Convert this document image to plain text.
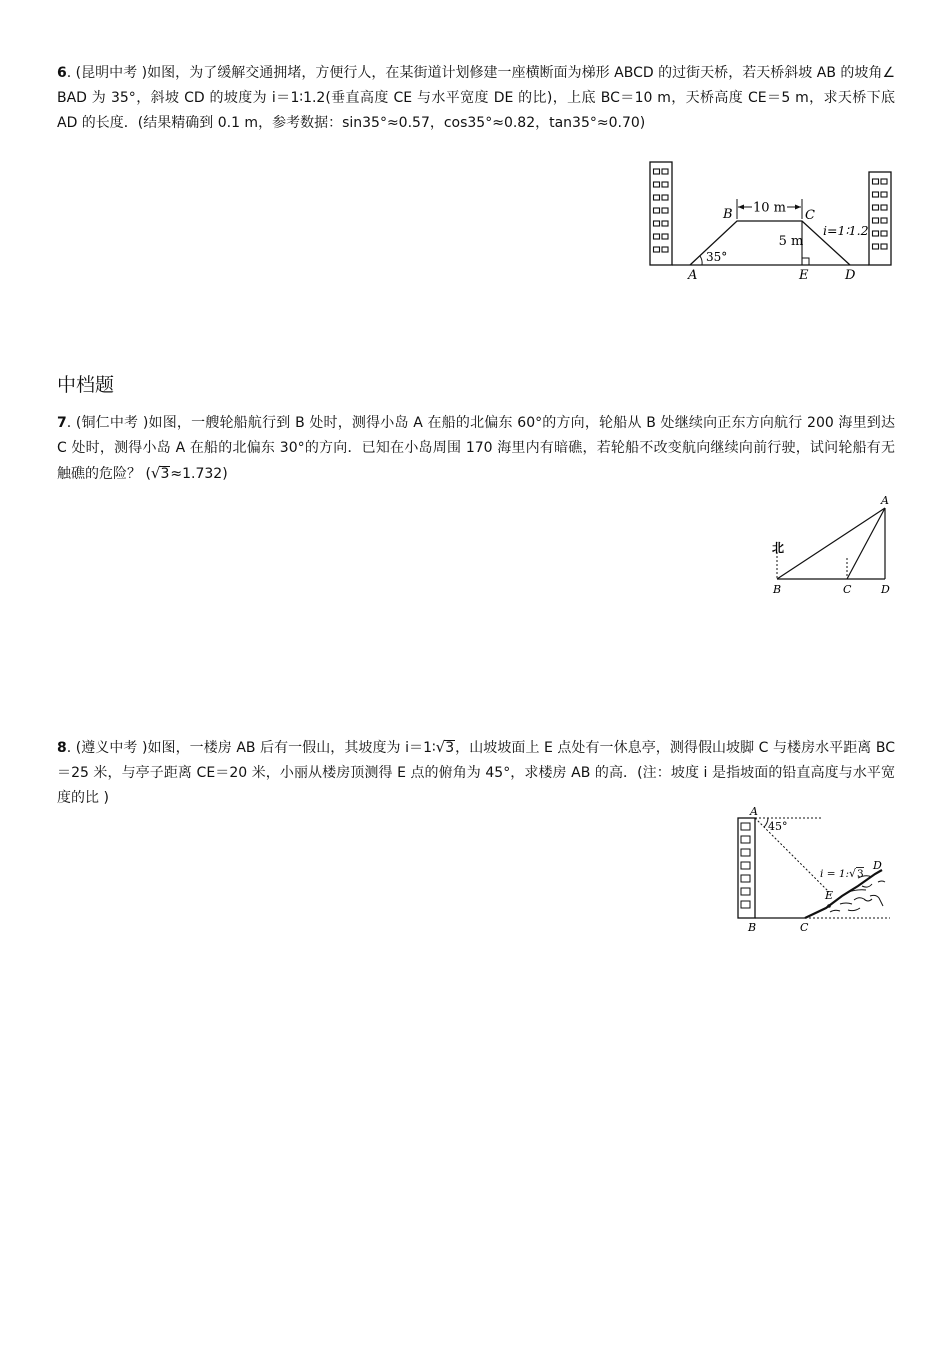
6. (昆明中考 )如图，为了缓解交通拥堵，方便行人，在某街道计划修建一座横断面为梯形 ABCD 的过街天桥，若天桥斜坡 AB 的坡角∠ BAD 为 35°，斜坡 CD 的坡度为 i＝1∶1.2(垂直高度 CE 与水平宽度 DE 的比)，上底 BC＝10 m，天桥高度 CE＝5 m，求天桥下底 AD 的长度．(结果精确到 0.1 m，参考数据：sin35°≈0.57，cos35°≈0.82，tan35°≈0.70)

10 m
5 m
i=1∶1.2
35°
B	C
A	E	D
中档题

7. (铜仁中考 )如图，一艘轮船航行到 B 处时，测得小岛 A 在船的北偏东 60°的方向，轮船从 B 处继续向正东方向航行 200 海里到达 C 处时，测得小岛 A 在船的北偏东 30°的方向．已知在小岛周围 170 海里内有暗礁，若轮船不改变航向继续向前行驶，试问轮船有无触礁的危险？ (√3≈1.732)

北
A
B	C	D

8. (遵义中考 )如图，一楼房 AB 后有一假山，其坡度为 i＝1∶√3，山坡坡面上 E 点处有一休息亭，测得假山坡脚 C 与楼房水平距离 BC＝25 米，与亭子距离 CE＝20 米，小丽从楼房顶测得 E 点的俯角为 45°，求楼房 AB 的高．(注：坡度 i 是指坡面的铅直高度与水平宽度的比 )

45°
A
B	C
D
E
i = 1: √ 3
